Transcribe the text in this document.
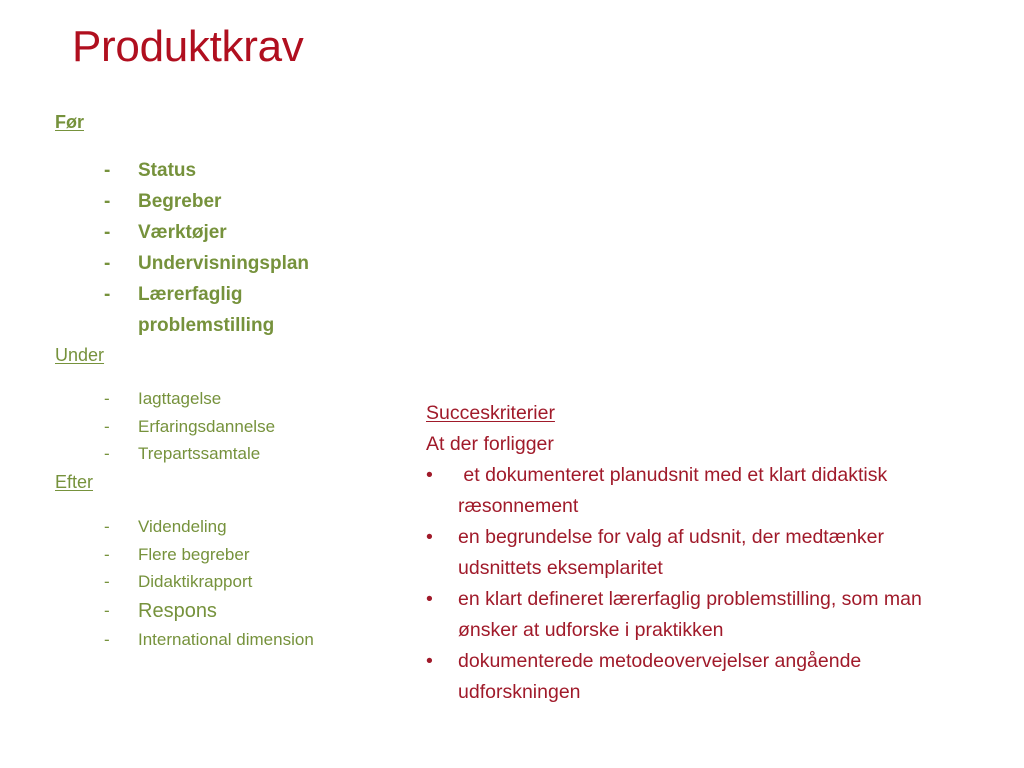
Produktkrav
Før
- Status
- Begreber
- Værktøjer
- Undervisningsplan
- Lærerfaglig problemstilling
Under
- Iagttagelse
- Erfaringsdannelse
- Trepartssamtale
Efter
- Videndeling
- Flere begreber
- Didaktikrapport
- Respons
- International dimension
Succeskriterier
At der forligger
•  et dokumenteret planudsnit med et klart didaktisk ræsonnement
• en begrundelse for valg af udsnit, der medtænker udsnittets eksemplaritet
• en klart defineret lærerfaglig problemstilling, som man ønsker at udforske i praktikken
• dokumenterede metodeovervejelser angående udforskningen
